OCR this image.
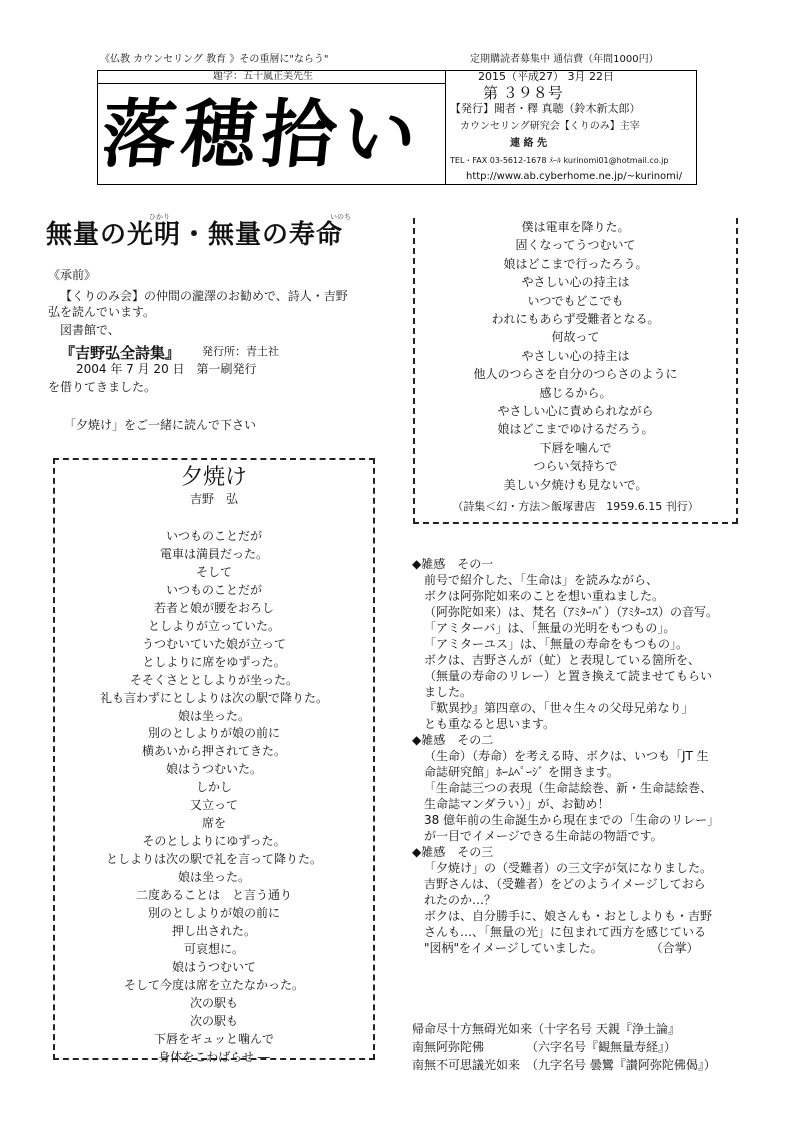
《仏教 カウンセリング 教育 》その重層に"ならう"	定期購読者募集中 通信費（年間1000円）
題字：五十嵐正美先生
落穂拾い
2015（平成27） 3月 22日
第 ３９８号
【発行】聞者・釋 真聴（鈴木新太郎）
カウンセリング研究会【くりのみ】主宰
連 絡 先
TEL・FAX 03-5612-1678 ﾒｰﾙ kurinomi01@hotmail.co.jp
http://www.ab.cyberhome.ne.jp/~kurinomi/
無量の光明・無量の寿命
ひかり	いのち
《承前》
【くりのみ会】の仲間の瀧澤のお勧めで、詩人・吉野
弘を読んでいます。
図書館で、
『吉野弘全詩集』 発行所：青土社
2004 年 7 月 20 日　第一刷発行
を借りてきました。
「夕焼け」をご一緒に読んで下さい
夕焼け
吉野　弘
いつものことだが
電車は満員だった。
そして
いつものことだが
若者と娘が腰をおろし
としよりが立っていた。
うつむいていた娘が立って
としよりに席をゆずった。
そそくさととしよりが坐った。
礼も言わずにとしよりは次の駅で降りた。
娘は坐った。
別のとしよりが娘の前に
横あいから押されてきた。
娘はうつむいた。
しかし
又立って
席を
そのとしよりにゆずった。
としよりは次の駅で礼を言って降りた。
娘は坐った。
二度あることは　と言う通り
別のとしよりが娘の前に
押し出された。
可哀想に。
娘はうつむいて
そして今度は席を立たなかった。
次の駅も
次の駅も
下唇をギュッと噛んで
身体をこわばらせ ―
僕は電車を降りた。
固くなってうつむいて
娘はどこまで行ったろう。
やさしい心の持主は
いつでもどこでも
われにもあらず受難者となる。
何故って
やさしい心の持主は
他人のつらさを自分のつらさのように
感じるから。
やさしい心に責められながら
娘はどこまでゆけるだろう。
下唇を噛んで
つらい気持ちで
美しい夕焼けも見ないで。
（詩集＜幻・方法＞飯塚書店　1959.6.15 刊行）

◆雑感　その一

前号で紹介した、「生命は」を読みながら、

ボクは阿弥陀如来のことを想い重ねました。

（阿弥陀如来）は、梵名（ｱﾐﾀｰﾊﾞ）（ｱﾐﾀｰﾕｽ）の音写。

「アミターバ」は、「無量の光明をもつもの」。

「アミターユス」は、「無量の寿命をもつもの」。

ボクは、吉野さんが（虻）と表現している箇所を、

（無量の寿命のリレー）と置き換えて読ませてもらい

ました。

『歎異抄』第四章の、「世々生々の父母兄弟なり」

とも重なると思います。

◆雑感　その二

（生命）（寿命）を考える時、ボクは、いつも「JT 生

命誌研究館」ﾎｰﾑﾍﾟｰｼﾞ を開きます。

「生命誌三つの表現（生命誌絵巻、新・生命誌絵巻、

生命誌マンダラい）」が、お勧め！

38 億年前の生命誕生から現在までの「生命のリレー」

が一目でイメージできる生命誌の物語です。

◆雑感　その三

「夕焼け」の（受難者）の三文字が気になりました。

吉野さんは、（受難者）をどのようイメージしておら

れたのか…？

ボクは、自分勝手に、娘さんも・おとしよりも・吉野

さんも…、「無量の光」に包まれて西方を感じている

"図柄"をイメージしていました。　　　　　（合掌）

帰命尽十方無碍光如来（十字名号 天親『浄土論』

南無阿弥陀佛　　　　（六字名号『観無量寿経』）

南無不可思議光如来　（九字名号 曇鸞『讃阿弥陀佛偈』）
